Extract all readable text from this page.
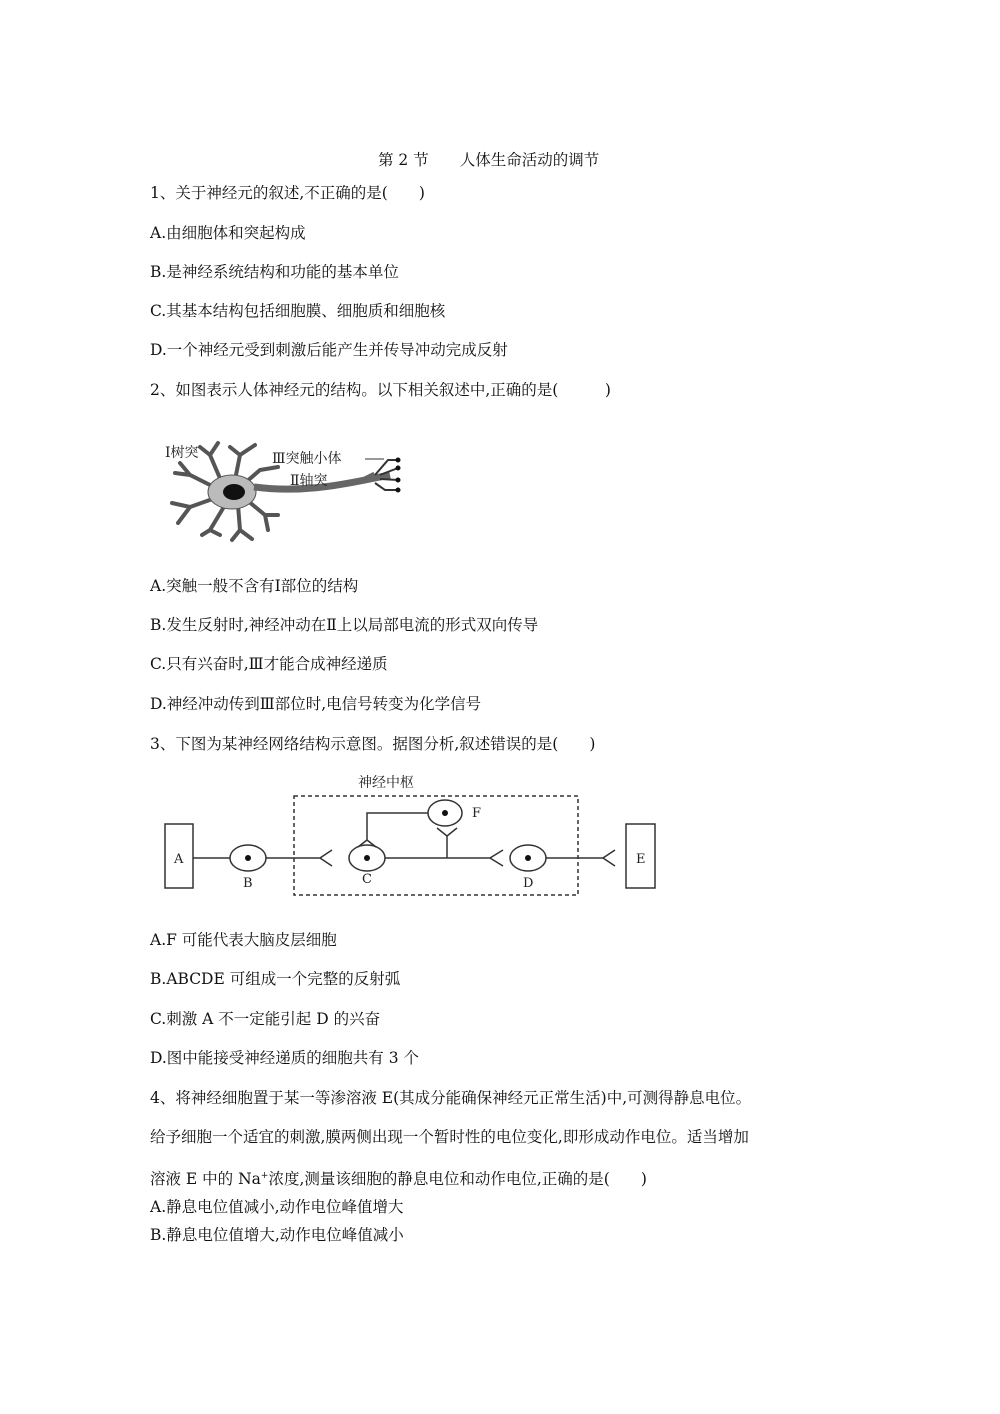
第 2 节　　人体生命活动的调节
1、关于神经元的叙述,不正确的是(　　)
A.由细胞体和突起构成
B.是神经系统结构和功能的基本单位
C.其基本结构包括细胞膜、细胞质和细胞核
D.一个神经元受到刺激后能产生并传导冲动完成反射
2、如图表示人体神经元的结构。以下相关叙述中,正确的是(　　　)
Ⅰ树突	Ⅲ突触小体
Ⅱ轴突
A.突触一般不含有Ⅰ部位的结构
B.发生反射时,神经冲动在Ⅱ上以局部电流的形式双向传导
C.只有兴奋时,Ⅲ才能合成神经递质
D.神经冲动传到Ⅲ部位时,电信号转变为化学信号
3、下图为某神经网络结构示意图。据图分析,叙述错误的是(　　)
神经中枢
A
B	C	D
E
F
A.F 可能代表大脑皮层细胞
B.ABCDE 可组成一个完整的反射弧
C.刺激 A 不一定能引起 D 的兴奋
D.图中能接受神经递质的细胞共有 3 个
4、将神经细胞置于某一等渗溶液 E(其成分能确保神经元正常生活)中,可测得静息电位。
给予细胞一个适宜的刺激,膜两侧出现一个暂时性的电位变化,即形成动作电位。适当增加
溶液 E 中的 Na+浓度,测量该细胞的静息电位和动作电位,正确的是(　　)
A.静息电位值减小,动作电位峰值增大
B.静息电位值增大,动作电位峰值减小
